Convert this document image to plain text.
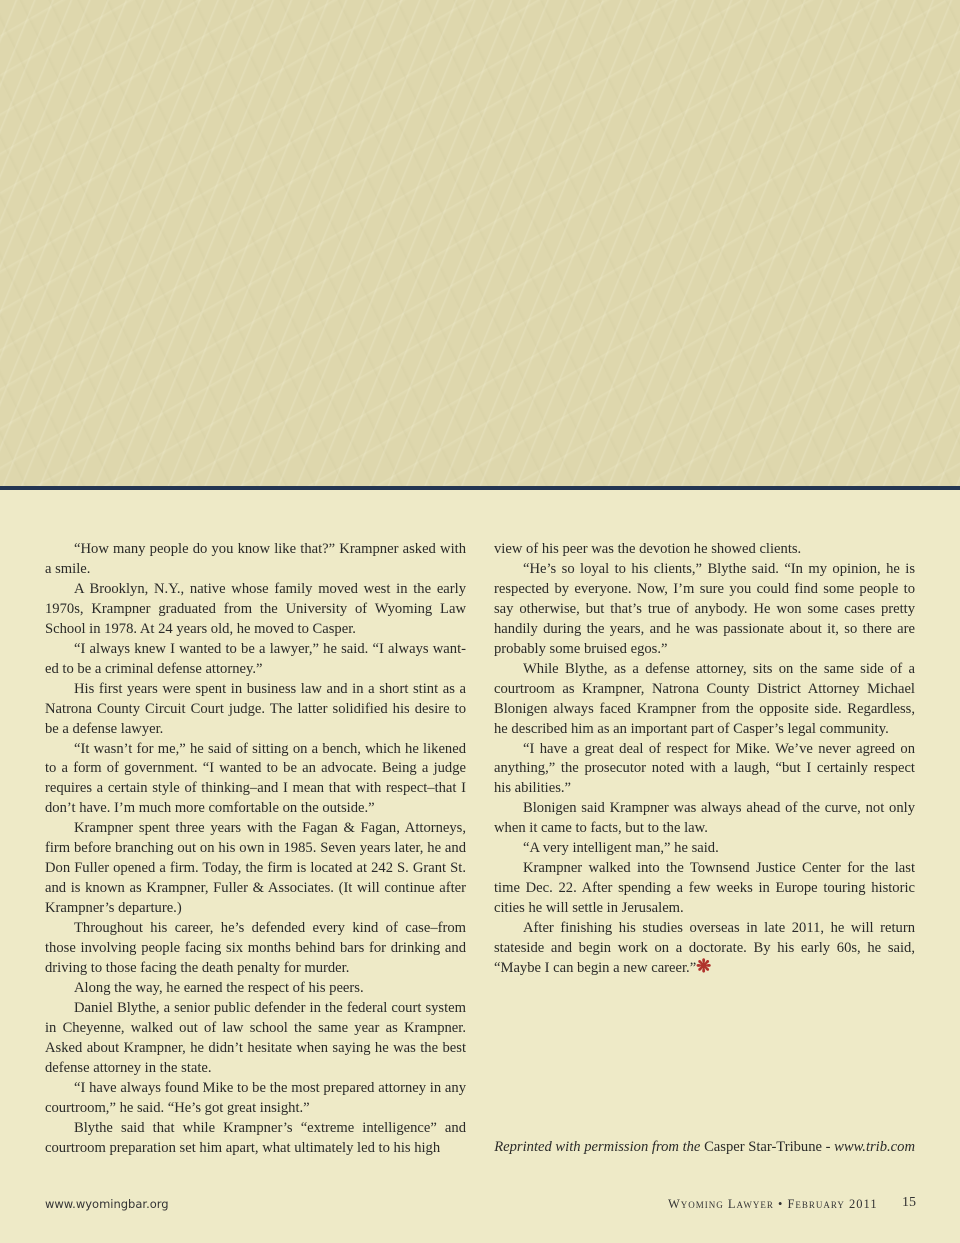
“How many people do you know like that?” Krampner asked with a smile.

A Brooklyn, N.Y., native whose family moved west in the early 1970s, Krampner graduated from the University of Wyoming Law School in 1978. At 24 years old, he moved to Casper.

“I always knew I wanted to be a lawyer,” he said. “I always wanted to be a criminal defense attorney.”

His first years were spent in business law and in a short stint as a Natrona County Circuit Court judge. The latter solidified his desire to be a defense lawyer.

“It wasn’t for me,” he said of sitting on a bench, which he likened to a form of government. “I wanted to be an advocate. Being a judge requires a certain style of thinking–and I mean that with respect–that I don’t have. I’m much more comfortable on the outside.”

Krampner spent three years with the Fagan & Fagan, Attorneys, firm before branching out on his own in 1985. Seven years later, he and Don Fuller opened a firm. Today, the firm is located at 242 S. Grant St. and is known as Krampner, Fuller & Associates. (It will continue after Krampner’s departure.)

Throughout his career, he’s defended every kind of case–from those involving people facing six months behind bars for drinking and driving to those facing the death penalty for murder.

Along the way, he earned the respect of his peers.

Daniel Blythe, a senior public defender in the federal court system in Cheyenne, walked out of law school the same year as Krampner. Asked about Krampner, he didn’t hesitate when saying he was the best defense attorney in the state.

“I have always found Mike to be the most prepared attorney in any courtroom,” he said. “He’s got great insight.”

Blythe said that while Krampner’s “extreme intelligence” and courtroom preparation set him apart, what ultimately led to his high

view of his peer was the devotion he showed clients.

“He’s so loyal to his clients,” Blythe said. “In my opinion, he is respected by everyone. Now, I’m sure you could find some people to say otherwise, but that’s true of anybody. He won some cases pretty handily during the years, and he was passionate about it, so there are probably some bruised egos.”

While Blythe, as a defense attorney, sits on the same side of a courtroom as Krampner, Natrona County District Attorney Michael Blonigen always faced Krampner from the opposite side. Regardless, he described him as an important part of Casper’s legal community.

“I have a great deal of respect for Mike. We’ve never agreed on anything,” the prosecutor noted with a laugh, “but I certainly respect his abilities.”

Blonigen said Krampner was always ahead of the curve, not only when it came to facts, but to the law.

“A very intelligent man,” he said.

Krampner walked into the Townsend Justice Center for the last time Dec. 22. After spending a few weeks in Europe touring historic cities he will settle in Jerusalem.

After finishing his studies overseas in late 2011, he will return stateside and begin work on a doctorate. By his early 60s, he said, “Maybe I can begin a new career.”❋

Reprinted with permission from the Casper Star-Tribune - www.trib.com
www.wyomingbar.org	Wyoming Lawyer • February 2011 15
